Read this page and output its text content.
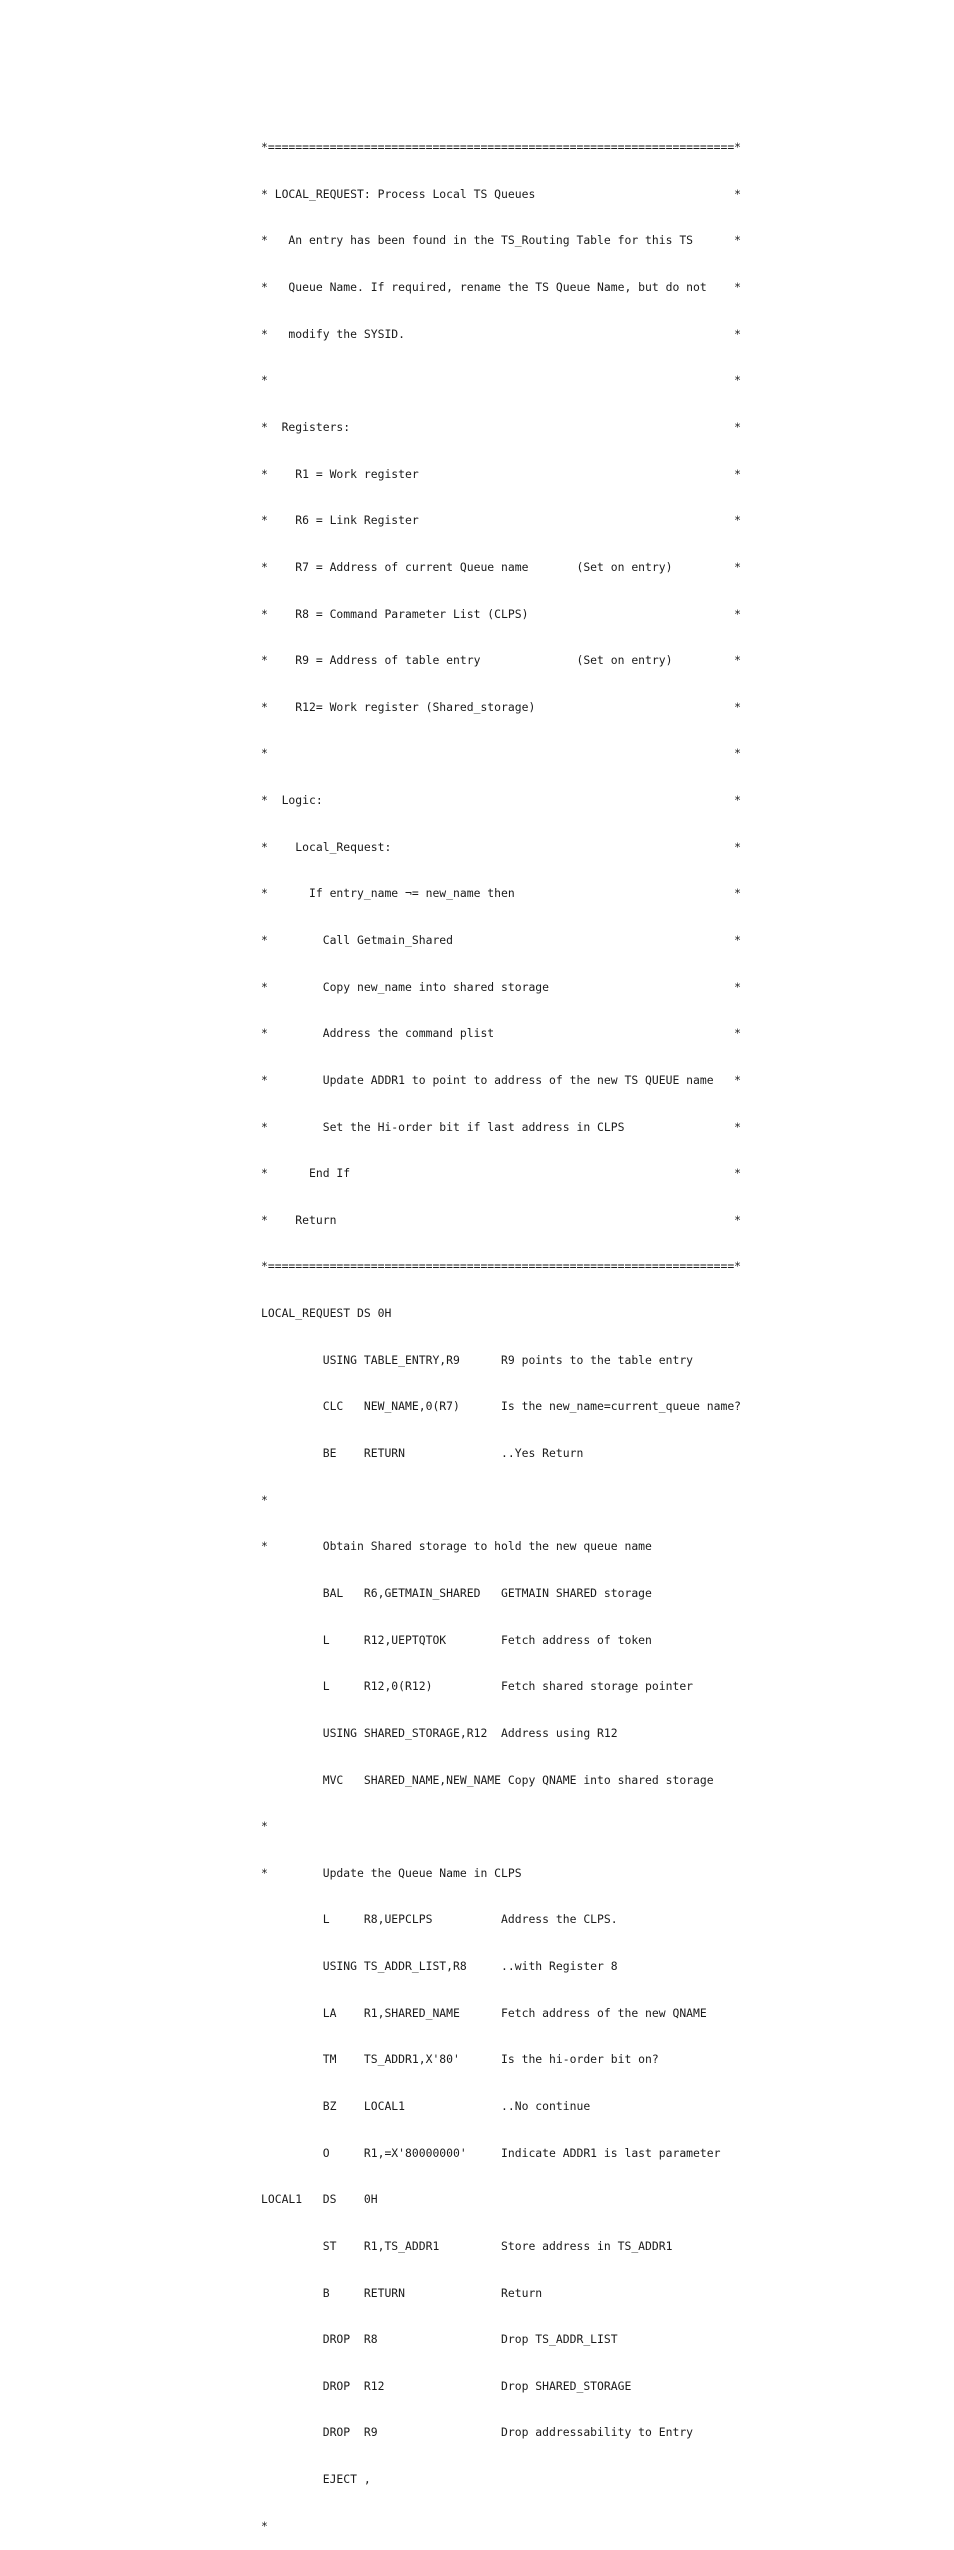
*====================================================================*

* LOCAL_REQUEST: Process Local TS Queues                             *

*   An entry has been found in the TS_Routing Table for this TS      *

*   Queue Name. If required, rename the TS Queue Name, but do not    *

*   modify the SYSID.                                                *

*                                                                    *

*  Registers:                                                        *

*    R1 = Work register                                              *

*    R6 = Link Register                                              *

*    R7 = Address of current Queue name       (Set on entry)         *

*    R8 = Command Parameter List (CLPS)                              *

*    R9 = Address of table entry              (Set on entry)         *

*    R12= Work register (Shared_storage)                             *

*                                                                    *

*  Logic:                                                            *

*    Local_Request:                                                  *

*      If entry_name ¬= new_name then                                *

*        Call Getmain_Shared                                         *

*        Copy new_name into shared storage                           *

*        Address the command plist                                   *

*        Update ADDR1 to point to address of the new TS QUEUE name   *

*        Set the Hi-order bit if last address in CLPS                *

*      End If                                                        *

*    Return                                                          *

*====================================================================*

LOCAL_REQUEST DS 0H

USING TABLE_ENTRY,R9      R9 points to the table entry

CLC   NEW_NAME,0(R7)      Is the new_name=current_queue name?

BE    RETURN              ..Yes Return

*

*        Obtain Shared storage to hold the new queue name

BAL   R6,GETMAIN_SHARED   GETMAIN SHARED storage

L     R12,UEPTQTOK        Fetch address of token

L     R12,0(R12)          Fetch shared storage pointer

USING SHARED_STORAGE,R12  Address using R12

MVC   SHARED_NAME,NEW_NAME Copy QNAME into shared storage

*

*        Update the Queue Name in CLPS

L     R8,UEPCLPS          Address the CLPS.

USING TS_ADDR_LIST,R8     ..with Register 8

LA    R1,SHARED_NAME      Fetch address of the new QNAME

TM    TS_ADDR1,X'80'      Is the hi-order bit on?

BZ    LOCAL1              ..No continue

O     R1,=X'80000000'     Indicate ADDR1 is last parameter

LOCAL1   DS    0H

ST    R1,TS_ADDR1         Store address in TS_ADDR1

B     RETURN              Return

DROP  R8                  Drop TS_ADDR_LIST

DROP  R12                 Drop SHARED_STORAGE

DROP  R9                  Drop addressability to Entry

EJECT ,

*
